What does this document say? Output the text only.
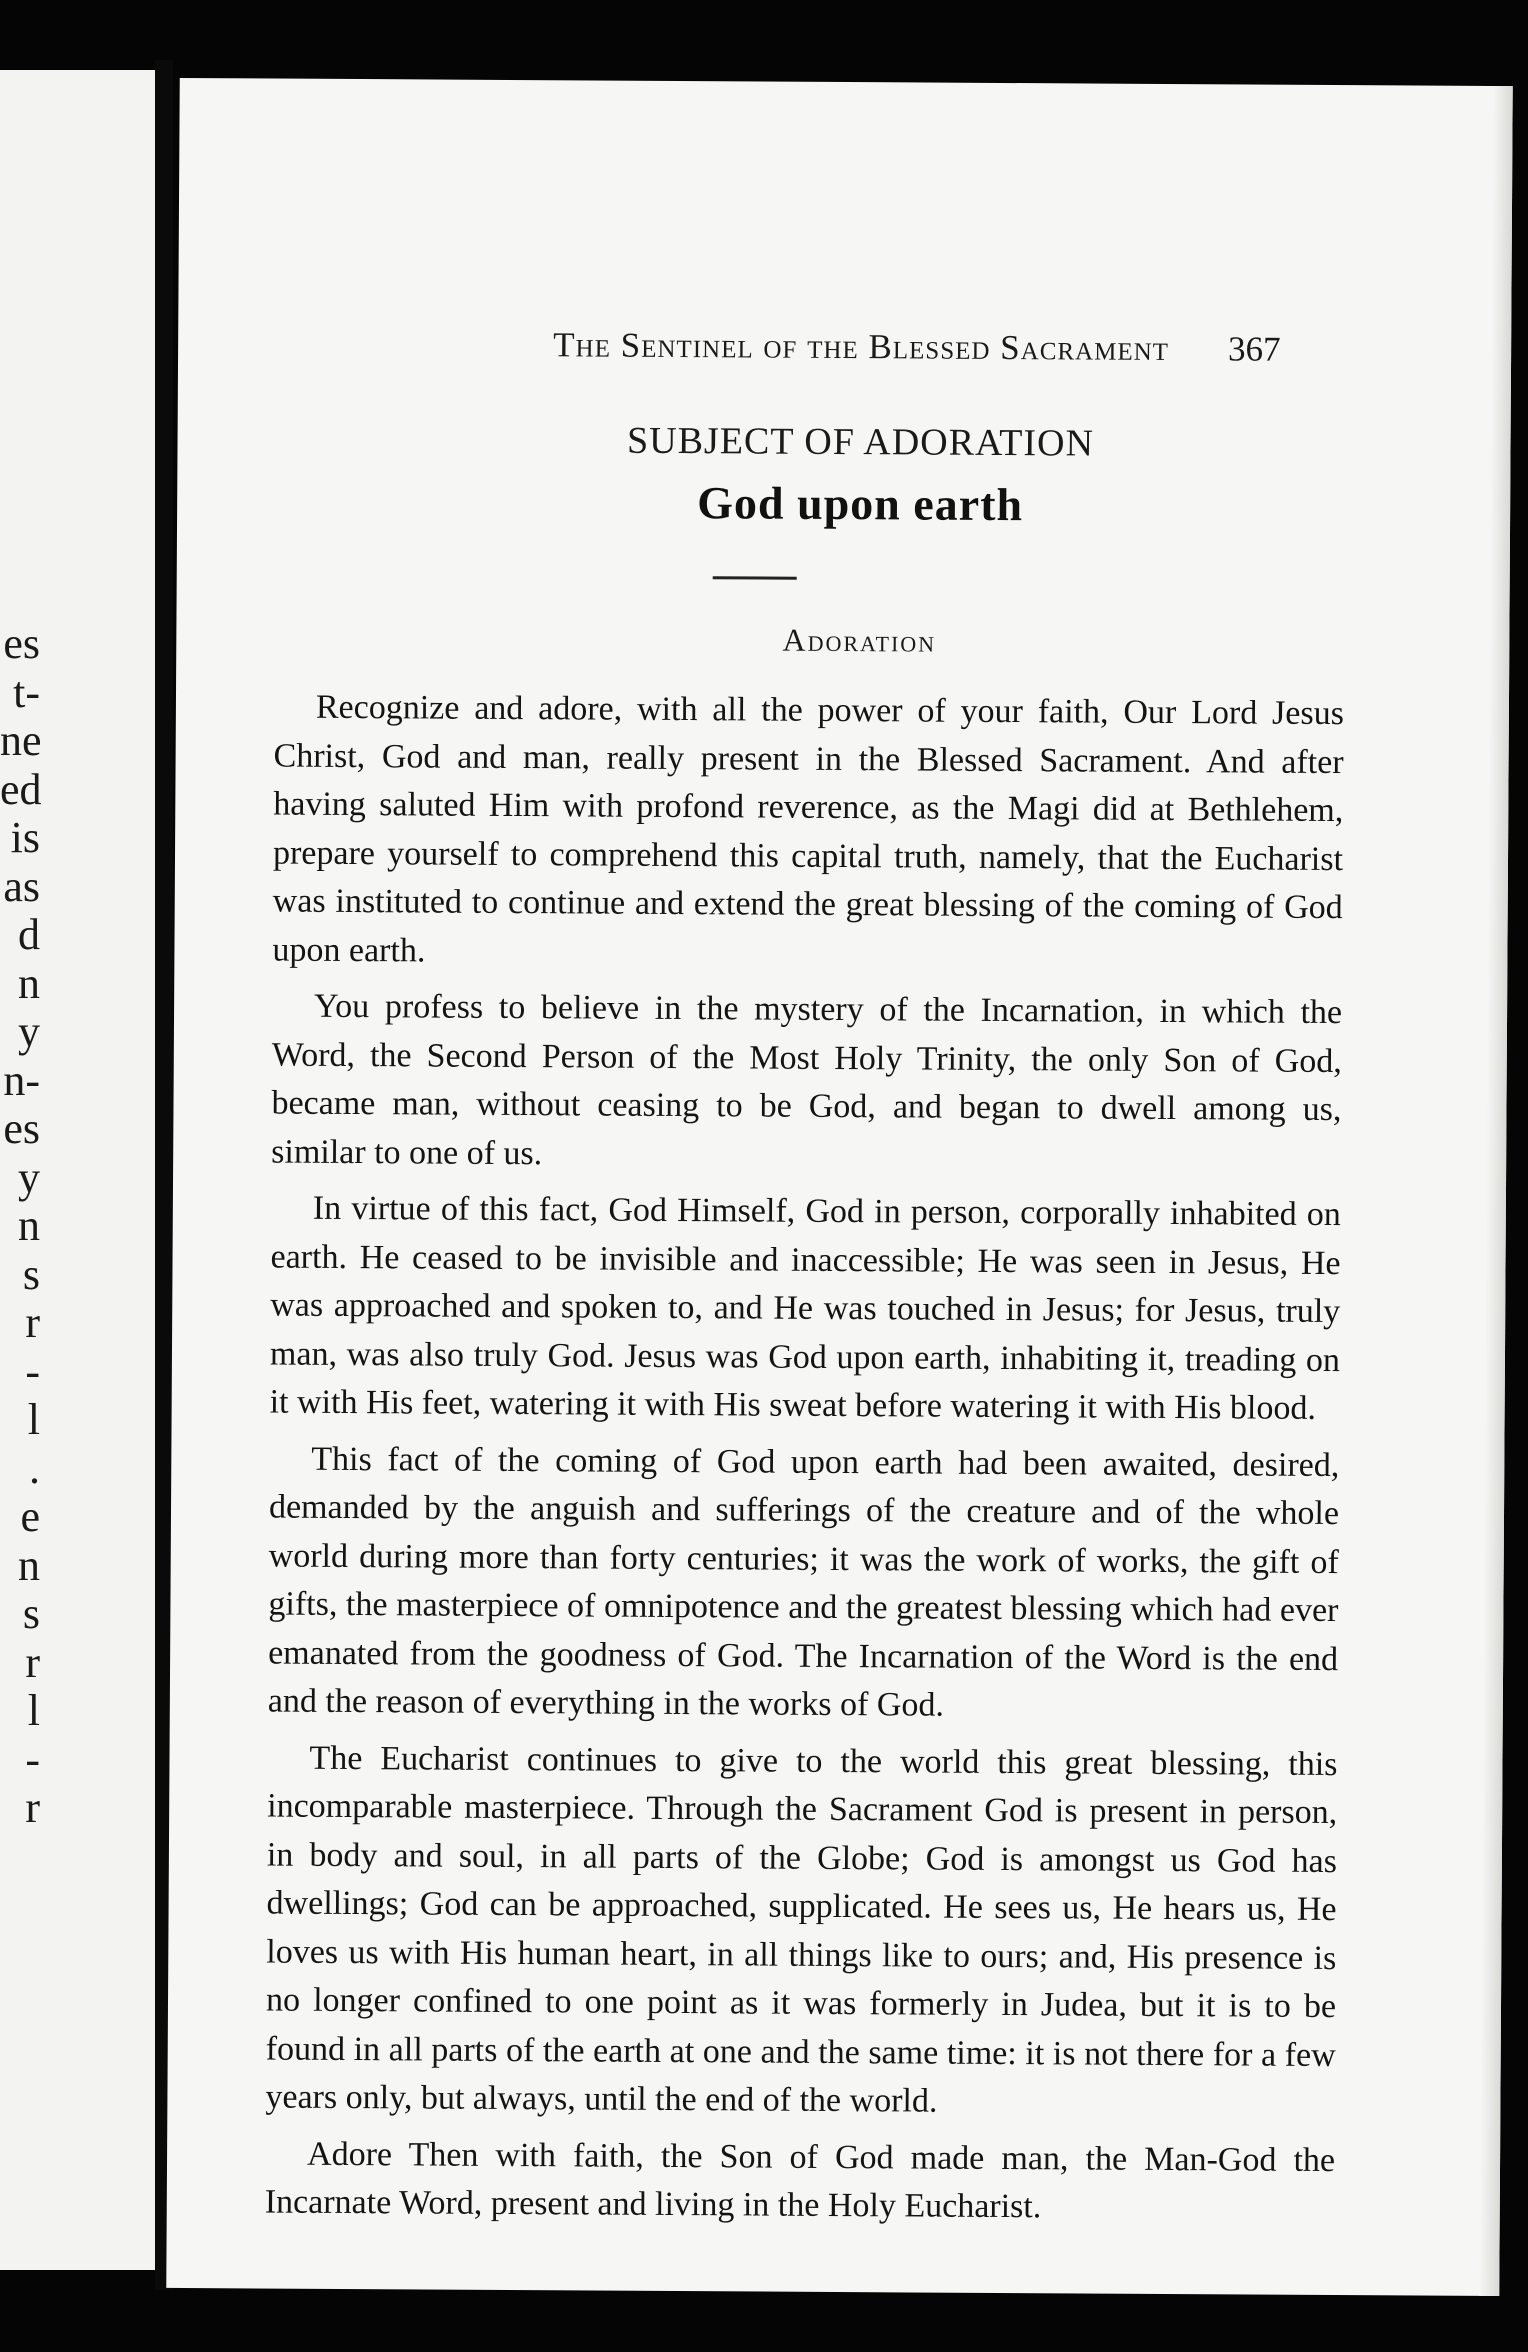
es
t-
ne
ed
is
as
d
n
y
n-
es
y
n
s
r
-
l
.
e
n
s
r
l
-
r
The Sentinel of the Blessed Sacrament	367
SUBJECT OF ADORATION
God upon earth
Adoration

Recognize and adore, with all the power of your faith, Our Lord Jesus Christ, God and man, really present in the Blessed Sacrament. And after having saluted Him with profond reverence, as the Magi did at Bethlehem, prepare yourself to comprehend this capital truth, namely, that the Eucharist was instituted to continue and extend the great blessing of the coming of God upon earth.

You profess to believe in the mystery of the Incarnation, in which the Word, the Second Person of the Most Holy Trinity, the only Son of God, became man, without ceasing to be God, and began to dwell among us, similar to one of us.

In virtue of this fact, God Himself, God in person, corporally inhabited on earth. He ceased to be invisible and inaccessible; He was seen in Jesus, He was approached and spoken to, and He was touched in Jesus; for Jesus, truly man, was also truly God. Jesus was God upon earth, inhabiting it, treading on it with His feet, watering it with His sweat before watering it with His blood.

This fact of the coming of God upon earth had been awaited, desired, demanded by the anguish and sufferings of the creature and of the whole world during more than forty centuries; it was the work of works, the gift of gifts, the masterpiece of omnipotence and the greatest blessing which had ever emanated from the goodness of God. The Incarnation of the Word is the end and the reason of everything in the works of God.

The Eucharist continues to give to the world this great blessing, this incomparable masterpiece. Through the Sacrament God is present in person, in body and soul, in all parts of the Globe; God is amongst us God has dwellings; God can be approached, supplicated. He sees us, He hears us, He loves us with His human heart, in all things like to ours; and, His presence is no longer confined to one point as it was formerly in Judea, but it is to be found in all parts of the earth at one and the same time: it is not there for a few years only, but always, until the end of the world.

Adore Then with faith, the Son of God made man, the Man-God the Incarnate Word, present and living in the Holy Eucharist.
